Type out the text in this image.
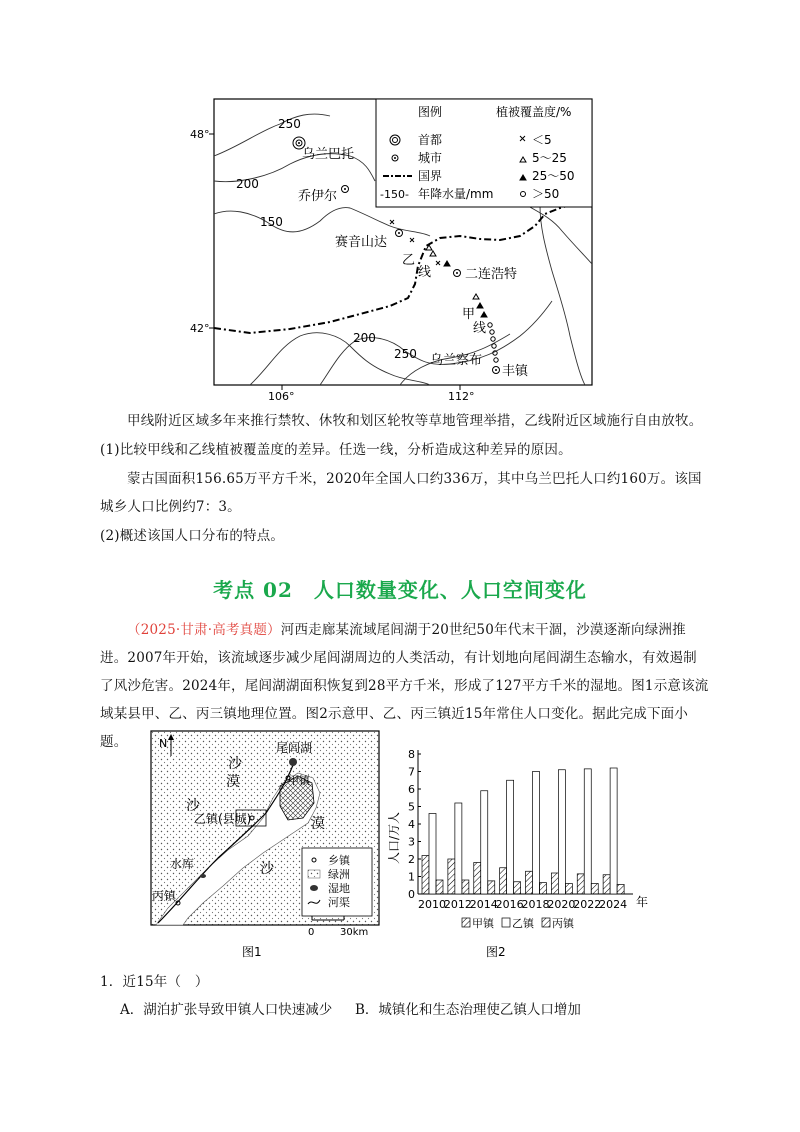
48°
42°
106°	112°
250
200
150
200
250
乌兰巴托
乔伊尔
赛音山达
二连浩特
乌兰察布
丰镇
乙
线
甲
线
图例	植被覆盖度/%
首都
城市
国界
-150- 年降水量/mm
＜5
5～25
25～50
＞50
甲线附近区域多年来推行禁牧、休牧和划区轮牧等草地管理举措，乙线附近区域施行自由放牧。
(1)比较甲线和乙线植被覆盖度的差异。任选一线，分析造成这种差异的原因。
蒙古国面积156.65万平方千米，2020年全国人口约336万，其中乌兰巴托人口约160万。该国城乡人口比例约7：3。
(2)概述该国人口分布的特点。
考点 02　人口数量变化、人口空间变化
（2025·甘肃·高考真题）河西走廊某流域尾闾湖于20世纪50年代末干涸，沙漠逐渐向绿洲推进。2007年开始，该流域逐步减少尾闾湖周边的人类活动，有计划地向尾闾湖生态输水，有效遏制了风沙危害。2024年，尾闾湖湖面积恢复到28平方千米，形成了127平方千米的湿地。图1示意该流域某县甲、乙、丙三镇地理位置。图2示意甲、乙、丙三镇近15年常住人口变化。据此完成下面小题。	N	尾闾湖
甲镇
乙镇(县城)
水库
丙镇
沙
漠
沙
漠
沙
乡镇
绿洲
湿地
河渠
0	30km
图1
0
1
2
3
4
5
6
7
8
2010
2012
2014
2016
2018
2020
2022
2024
人口/万人
年
甲镇 乙镇 丙镇
图2
1．近15年（　）
A．湖泊扩张导致甲镇人口快速减少 B．城镇化和生态治理使乙镇人口增加
